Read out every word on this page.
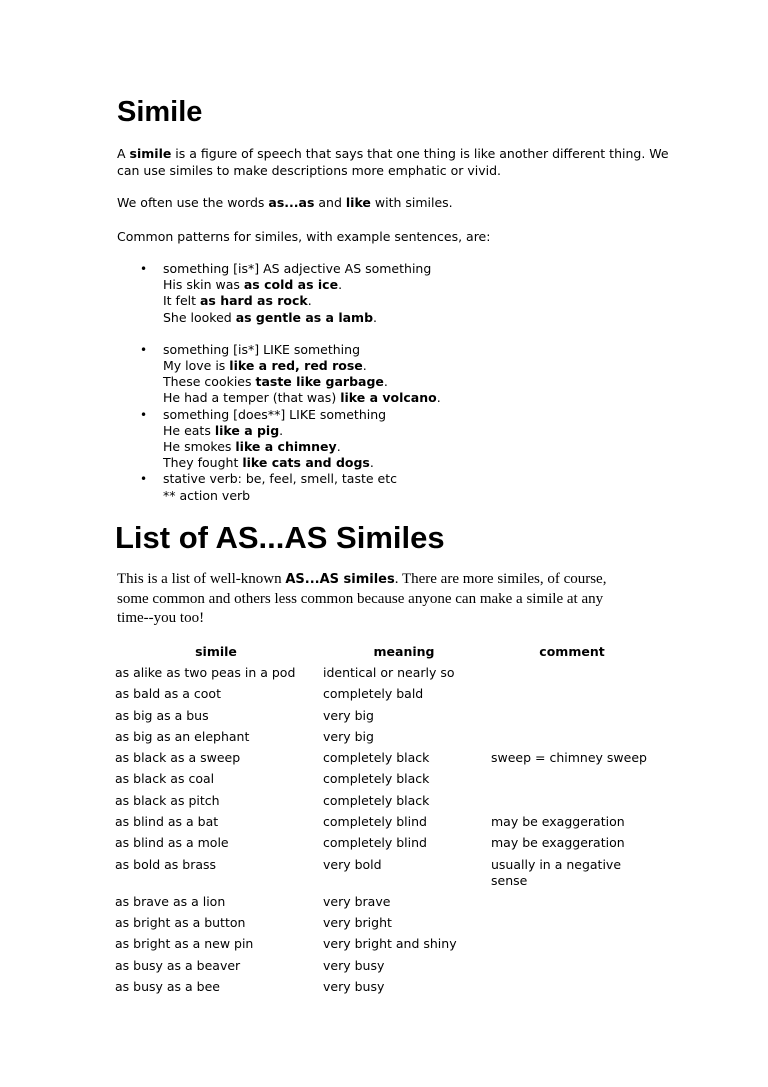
Simile

A simile is a figure of speech that says that one thing is like another different thing. We can use similes to make descriptions more emphatic or vivid.

We often use the words as...as and like with similes.

Common patterns for similes, with example sentences, are:

• something [is*] AS adjective AS something
His skin was as cold as ice.
It felt as hard as rock.
She looked as gentle as a lamb.
• something [is*] LIKE something
My love is like a red, red rose.
These cookies taste like garbage.
He had a temper (that was) like a volcano.
• something [does**] LIKE something
He eats like a pig.
He smokes like a chimney.
They fought like cats and dogs.
• stative verb: be, feel, smell, taste etc
** action verb
List of AS...AS Similes

This is a list of well-known AS...AS similes. There are more similes, of course, some common and others less common because anyone can make a simile at any time--you too!

simile	meaning	comment
as alike as two peas in a pod	identical or nearly so	
as bald as a coot	completely bald	
as big as a bus	very big	
as big as an elephant	very big	
as black as a sweep	completely black	sweep = chimney sweep
as black as coal	completely black	
as black as pitch	completely black	
as blind as a bat	completely blind	may be exaggeration
as blind as a mole	completely blind	may be exaggeration
as bold as brass	very bold	usually in a negative sense
as brave as a lion	very brave	
as bright as a button	very bright	
as bright as a new pin	very bright and shiny	
as busy as a beaver	very busy	
as busy as a bee	very busy	
